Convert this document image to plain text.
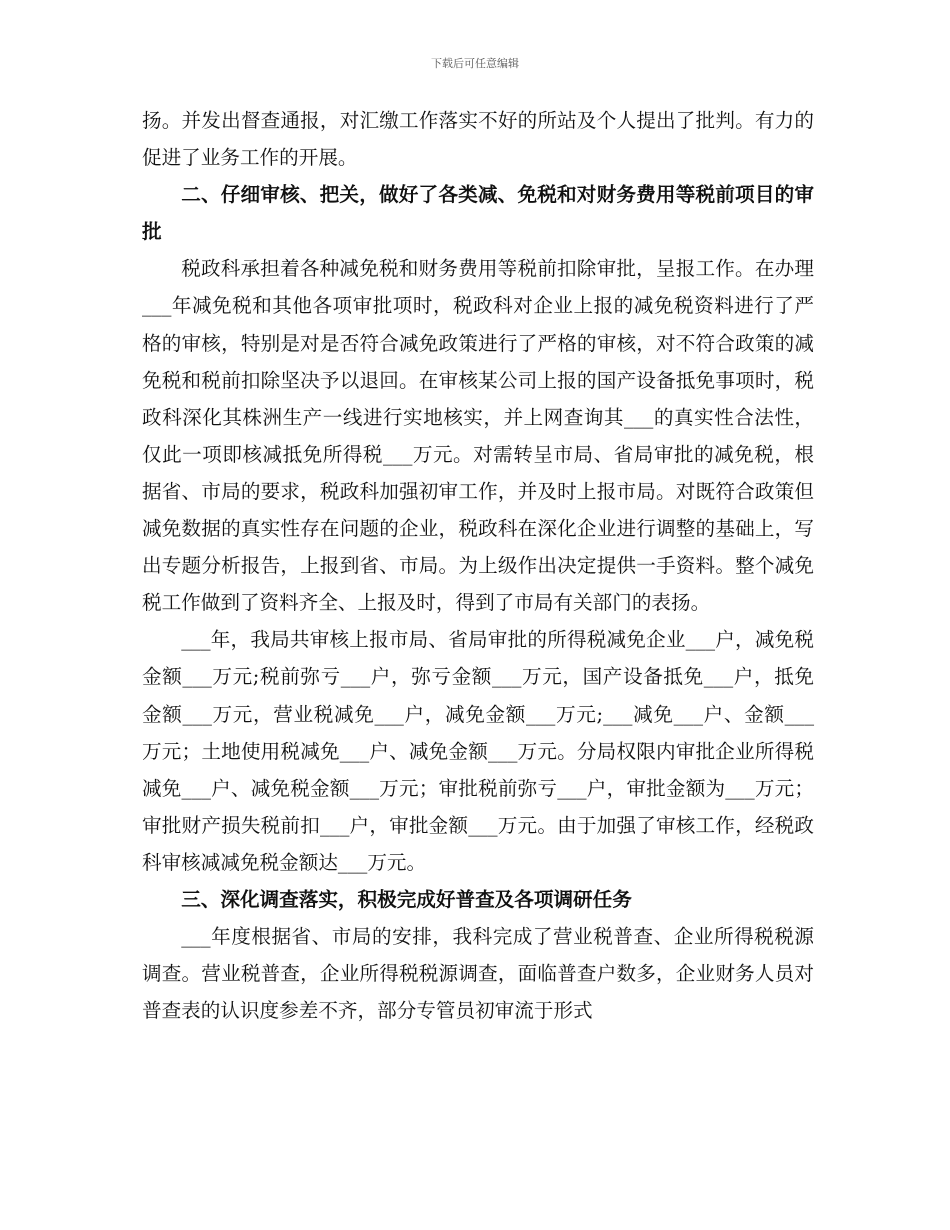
下载后可任意编辑

扬。并发出督查通报，对汇缴工作落实不好的所站及个人提出了批判。有力的促进了业务工作的开展。

二、仔细审核、把关，做好了各类减、免税和对财务费用等税前项目的审批

税政科承担着各种减免税和财务费用等税前扣除审批，呈报工作。在办理___年减免税和其他各项审批项时，税政科对企业上报的减免税资料进行了严格的审核，特别是对是否符合减免政策进行了严格的审核，对不符合政策的减免税和税前扣除坚决予以退回。在审核某公司上报的国产设备抵免事项时，税政科深化其株洲生产一线进行实地核实，并上网查询其___的真实性合法性，仅此一项即核减抵免所得税___万元。对需转呈市局、省局审批的减免税，根据省、市局的要求，税政科加强初审工作，并及时上报市局。对既符合政策但减免数据的真实性存在问题的企业，税政科在深化企业进行调整的基础上，写出专题分析报告，上报到省、市局。为上级作出决定提供一手资料。整个减免税工作做到了资料齐全、上报及时，得到了市局有关部门的表扬。

___年，我局共审核上报市局、省局审批的所得税减免企业___户，减免税金额___万元;税前弥亏___户，弥亏金额___万元，国产设备抵免___户，抵免金额___万元，营业税减免___户，减免金额___万元;___减免___户、金额___万元；土地使用税减免___户、减免金额___万元。分局权限内审批企业所得税减免___户、减免税金额___万元；审批税前弥亏___户，审批金额为___万元；审批财产损失税前扣___户，审批金额___万元。由于加强了审核工作，经税政科审核减减免税金额达___万元。

三、深化调查落实，积极完成好普查及各项调研任务

___年度根据省、市局的安排，我科完成了营业税普查、企业所得税税源调查。营业税普查，企业所得税税源调查，面临普查户数多，企业财务人员对普查表的认识度参差不齐，部分专管员初审流于形式
